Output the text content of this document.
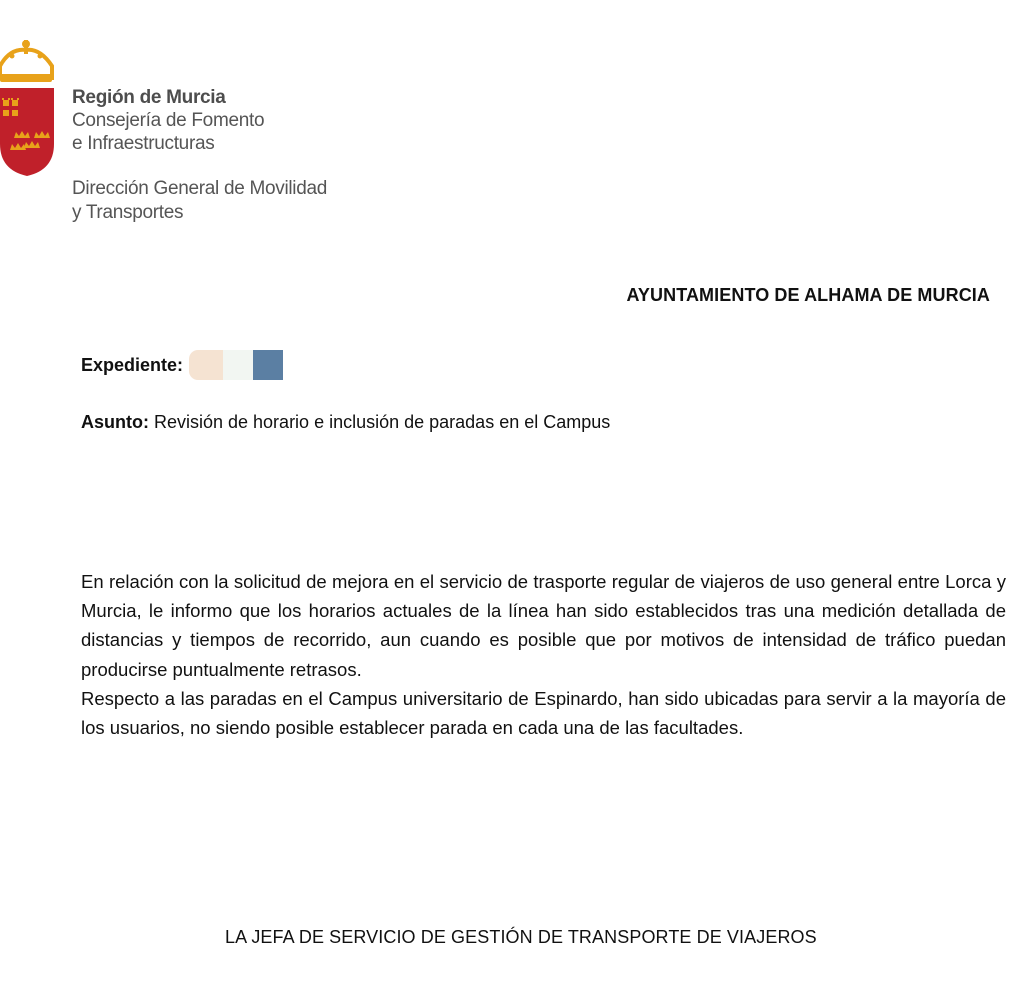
Región de Murcia
Consejería de Fomento
e Infraestructuras
Dirección General de Movilidad
y Transportes
AYUNTAMIENTO DE ALHAMA DE MURCIA
Expediente:
Asunto: Revisión de horario e inclusión de paradas en el Campus

En relación con la solicitud de mejora en el servicio de trasporte regular de viajeros de uso general entre Lorca y Murcia, le informo que los horarios actuales de la línea han sido establecidos tras una medición detallada de distancias y tiempos de recorrido, aun cuando es posible que por motivos de intensidad de tráfico puedan producirse puntualmente retrasos.

Respecto a las paradas en el Campus universitario de Espinardo, han sido ubicadas para servir a la mayoría de los usuarios, no siendo posible establecer parada en cada una de las facultades.

LA JEFA DE SERVICIO DE GESTIÓN DE TRANSPORTE DE VIAJEROS
